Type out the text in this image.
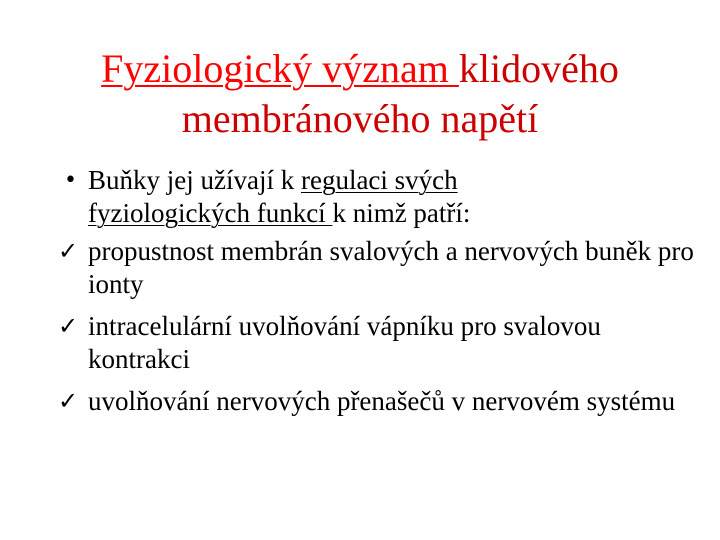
Fyziologický význam klidového
membránového napětí
• Buňky jej užívají k regulaci svých
fyziologických funkcí k nimž patří:
✓ propustnost membrán svalových a nervových buněk pro ionty
✓ intracelulární uvolňování vápníku pro svalovou kontrakci
✓ uvolňování nervových přenašečů v nervovém systému
